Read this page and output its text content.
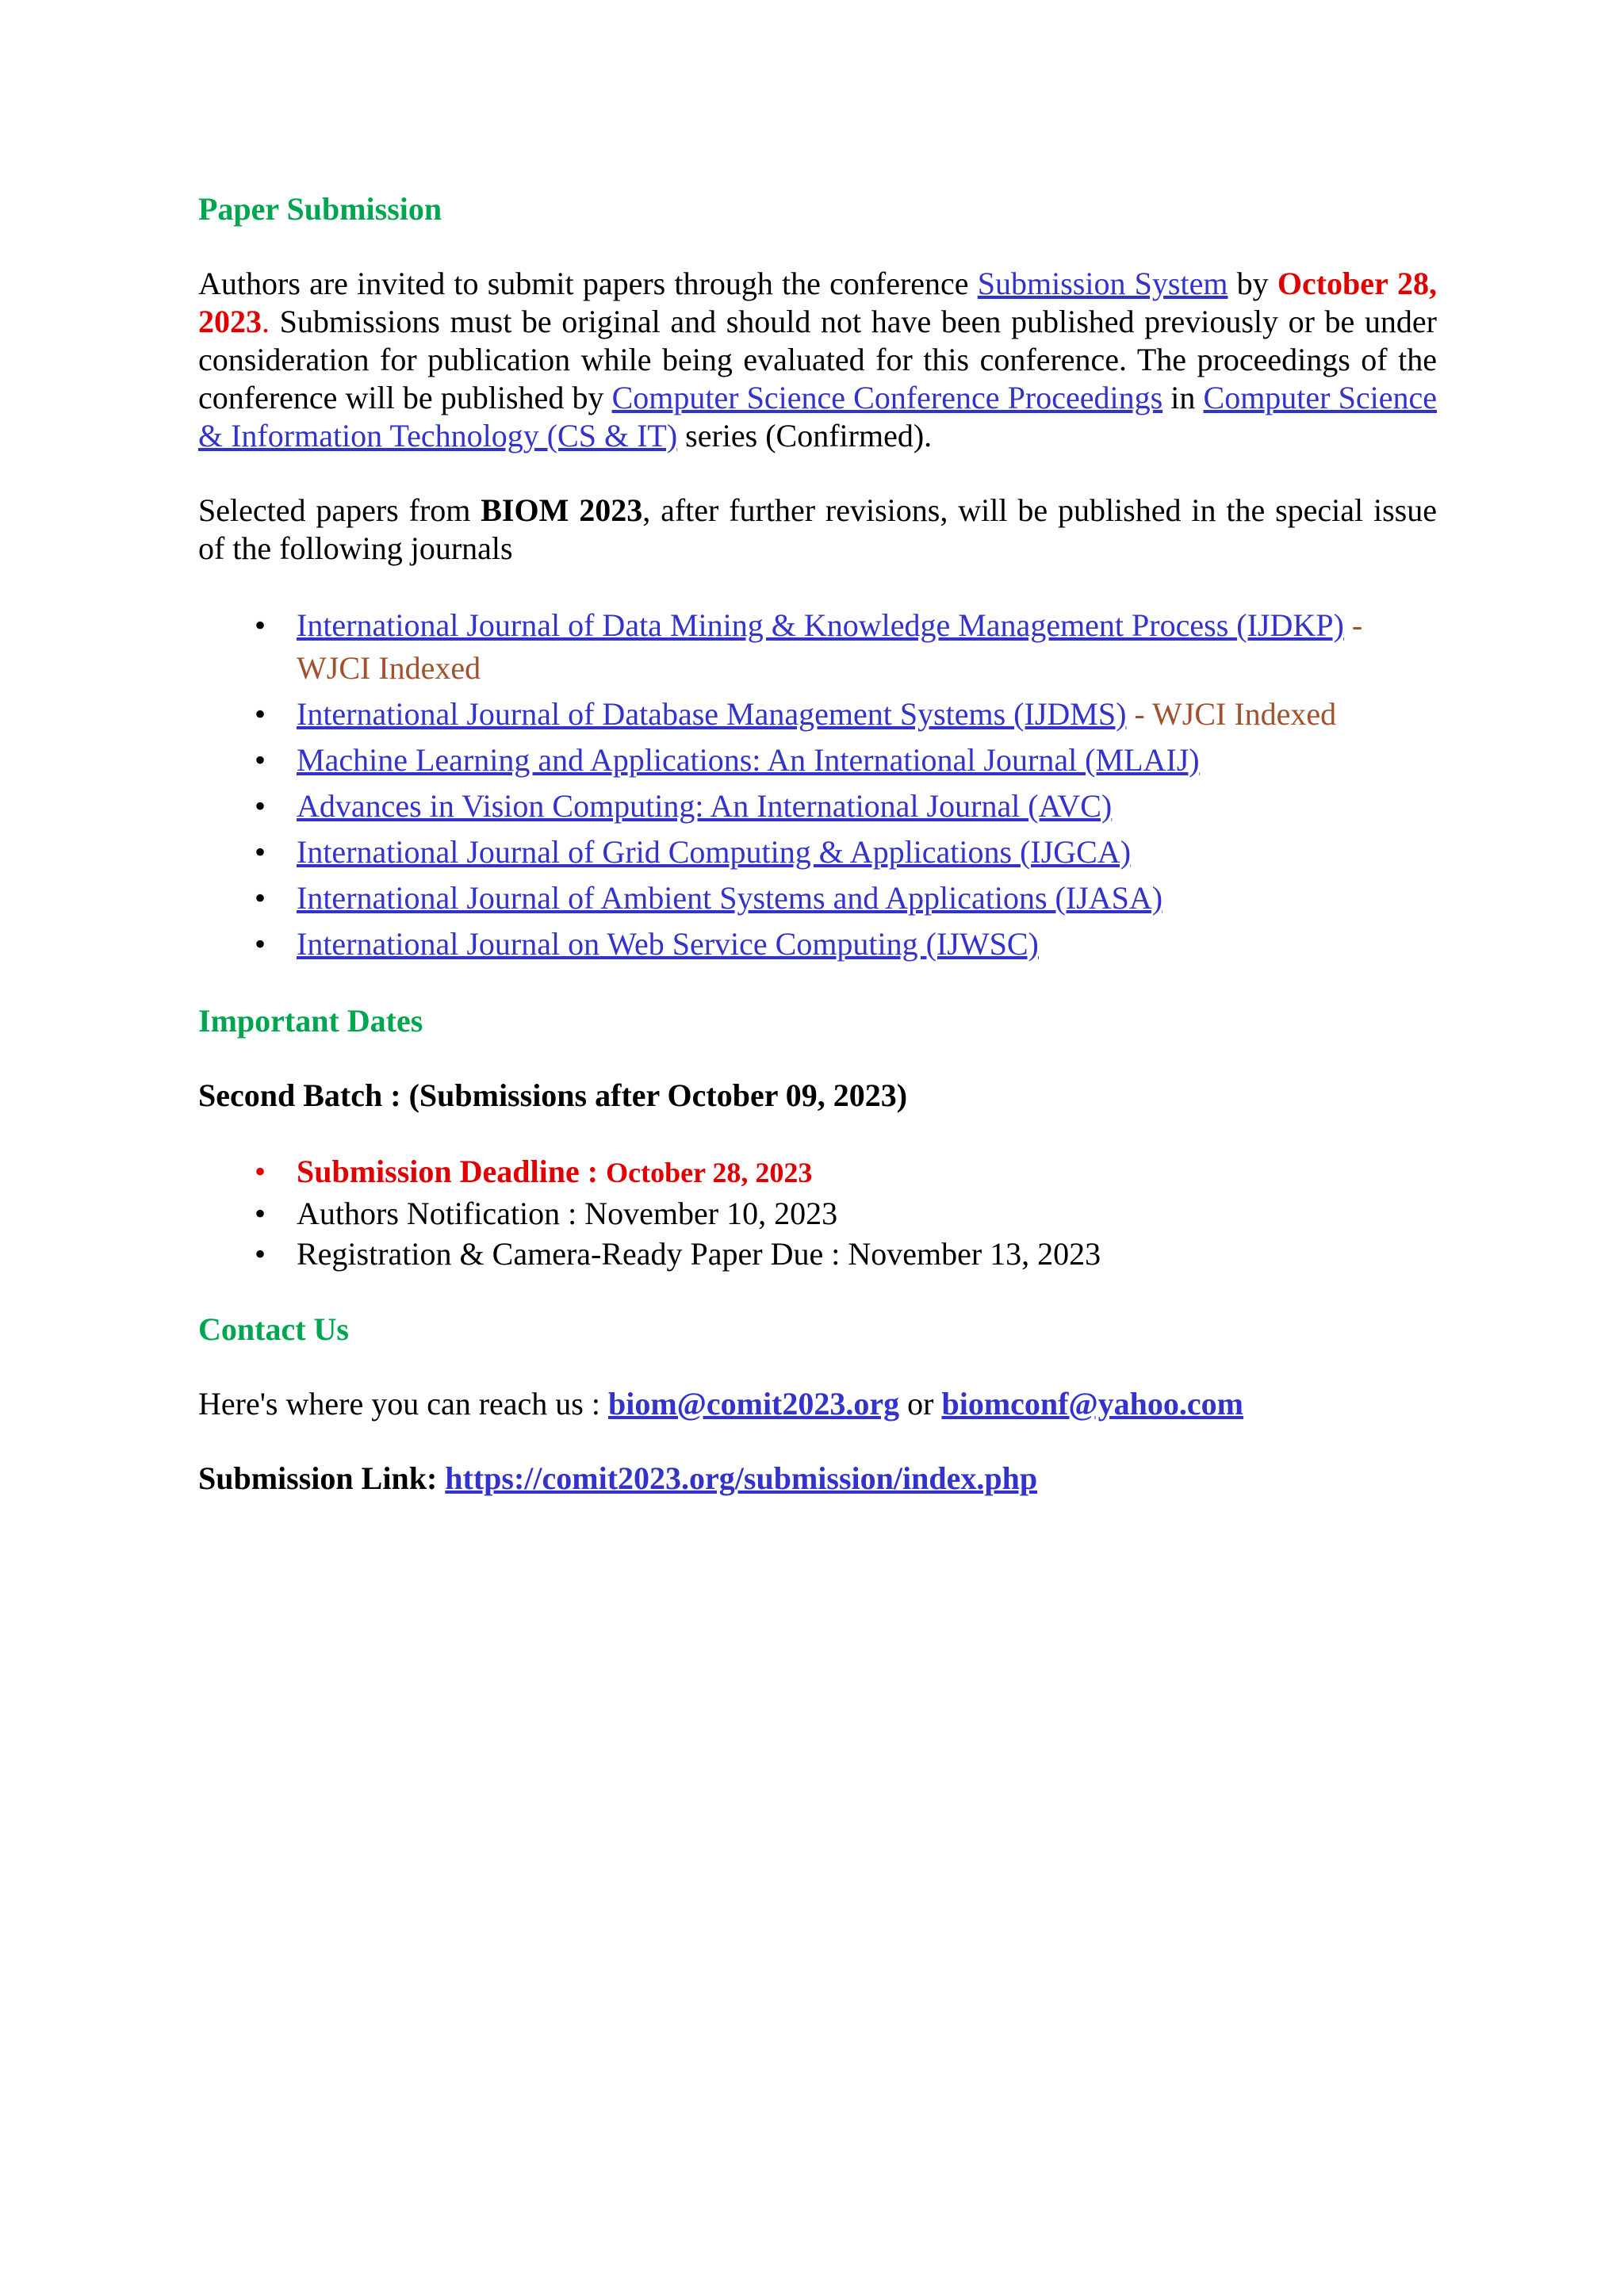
Paper Submission
Authors are invited to submit papers through the conference Submission System by October 28, 2023. Submissions must be original and should not have been published previously or be under consideration for publication while being evaluated for this conference. The proceedings of the conference will be published by Computer Science Conference Proceedings in Computer Science & Information Technology (CS & IT) series (Confirmed).
Selected papers from BIOM 2023, after further revisions, will be published in the special issue of the following journals
• International Journal of Data Mining & Knowledge Management Process (IJDKP) - WJCI Indexed
• International Journal of Database Management Systems (IJDMS) - WJCI Indexed
• Machine Learning and Applications: An International Journal (MLAIJ)
• Advances in Vision Computing: An International Journal (AVC)
• International Journal of Grid Computing & Applications (IJGCA)
• International Journal of Ambient Systems and Applications (IJASA)
• International Journal on Web Service Computing (IJWSC)
Important Dates
Second Batch : (Submissions after October 09, 2023)
• Submission Deadline : October 28, 2023
• Authors Notification : November 10, 2023
• Registration & Camera-Ready Paper Due : November 13, 2023
Contact Us
Here's where you can reach us : biom@comit2023.org or biomconf@yahoo.com
Submission Link: https://comit2023.org/submission/index.php
